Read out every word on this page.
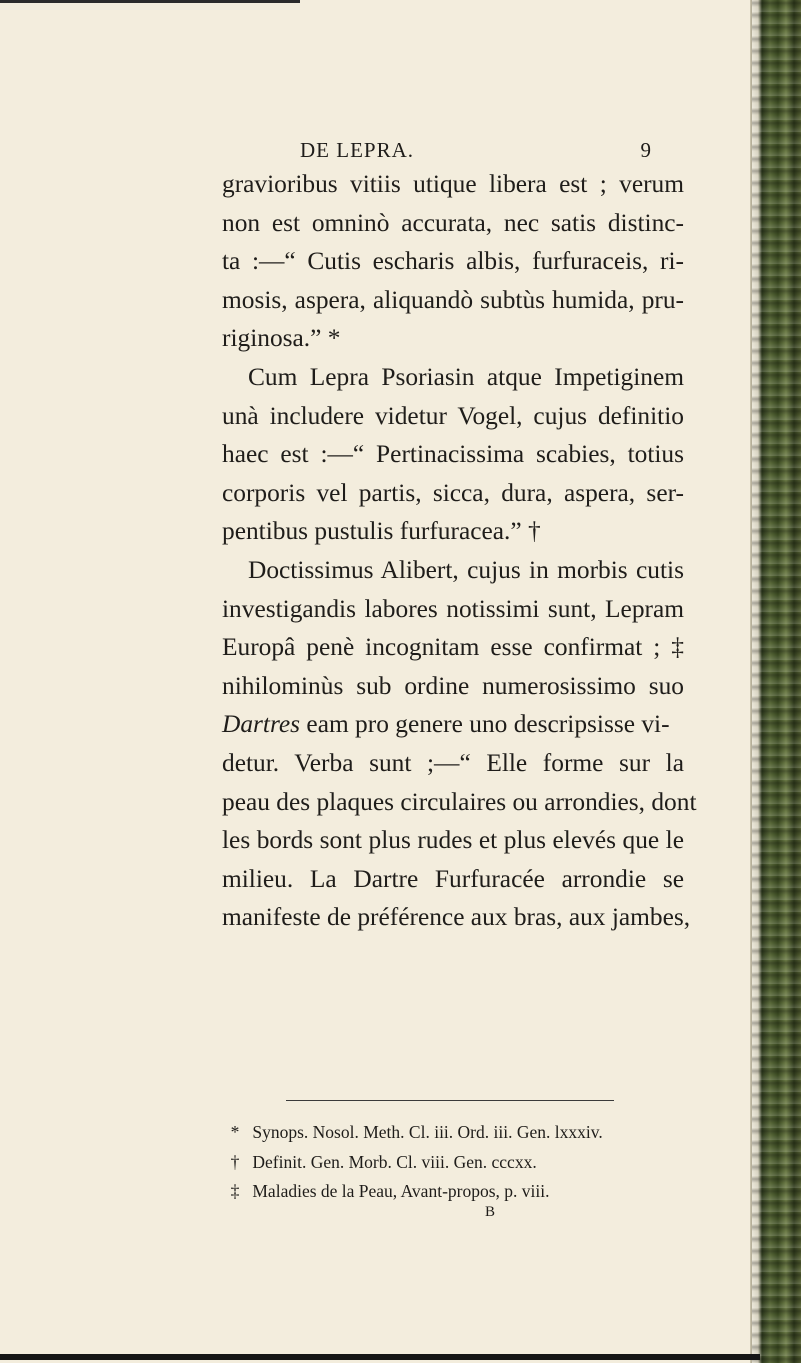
DE LEPRA.	9
gravioribus vitiis utique libera est ; verum
non est omninò accurata, nec satis distinc-
ta :—“ Cutis escharis albis, furfuraceis, ri-
mosis, aspera, aliquandò subtùs humida, pru-
riginosa.” *
Cum Lepra Psoriasin atque Impetiginem
unà includere videtur Vogel, cujus definitio
haec est :—“ Pertinacissima scabies, totius
corporis vel partis, sicca, dura, aspera, ser-
pentibus pustulis furfuracea.” †
Doctissimus Alibert, cujus in morbis cutis
investigandis labores notissimi sunt, Lepram
Europâ penè incognitam esse confirmat ; ‡
nihilominùs sub ordine numerosissimo suo
Dartres eam pro genere uno descripsisse vi-
detur. Verba sunt ;—“ Elle forme sur la
peau des plaques circulaires ou arrondies, dont
les bords sont plus rudes et plus elevés que le
milieu. La Dartre Furfuracée arrondie se
manifeste de préférence aux bras, aux jambes,
* Synops. Nosol. Meth. Cl. iii. Ord. iii. Gen. lxxxiv.
† Definit. Gen. Morb. Cl. viii. Gen. cccxx.
‡ Maladies de la Peau, Avant-propos, p. viii.
B
